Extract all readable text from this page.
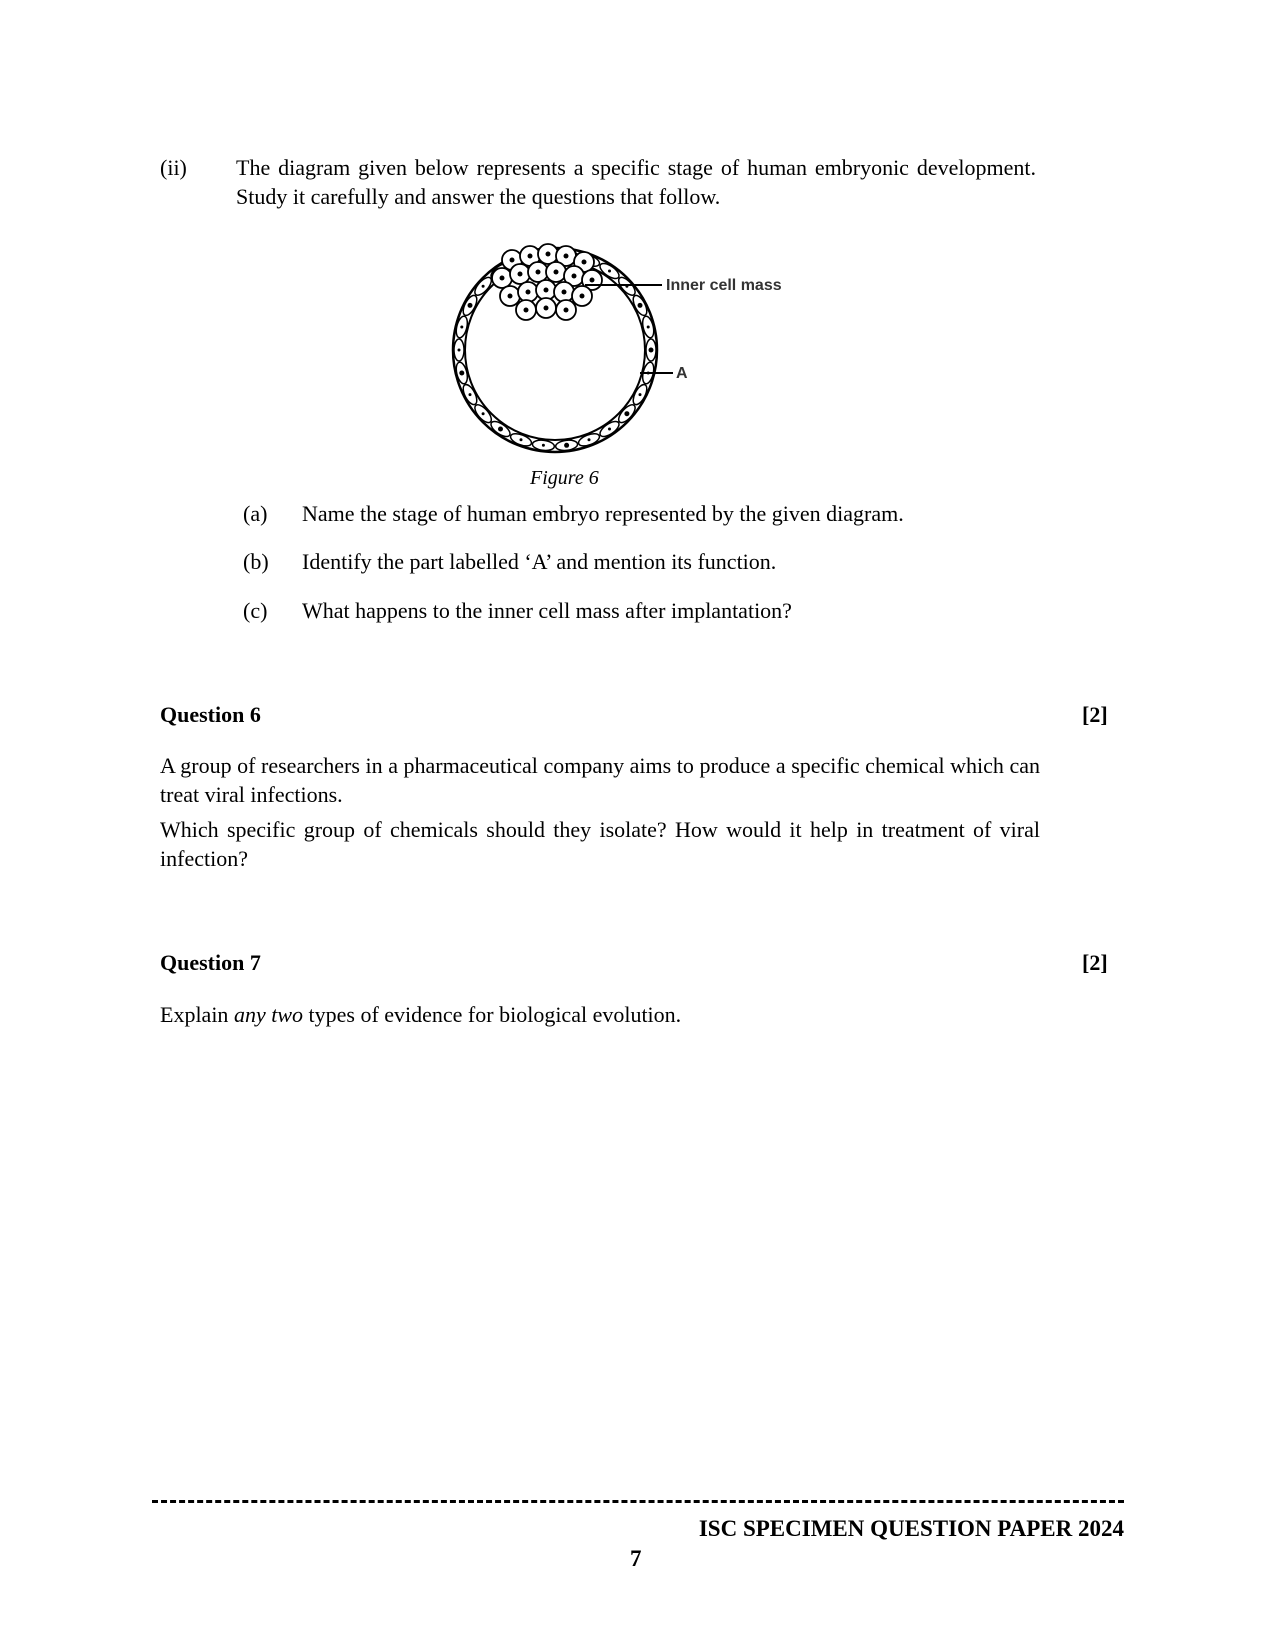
(ii) The diagram given below represents a specific stage of human embryonic development. Study it carefully and answer the questions that follow.
Inner cell mass
A
Figure 6
(a) Name the stage of human embryo represented by the given diagram.
(b) Identify the part labelled ‘A’ and mention its function.
(c) What happens to the inner cell mass after implantation?
Question 6	[2]
A group of researchers in a pharmaceutical company aims to produce a specific chemical which can treat viral infections.
Which specific group of chemicals should they isolate? How would it help in treatment of viral infection?
Question 7	[2]
Explain any two types of evidence for biological evolution.
ISC SPECIMEN QUESTION PAPER 2024
7
